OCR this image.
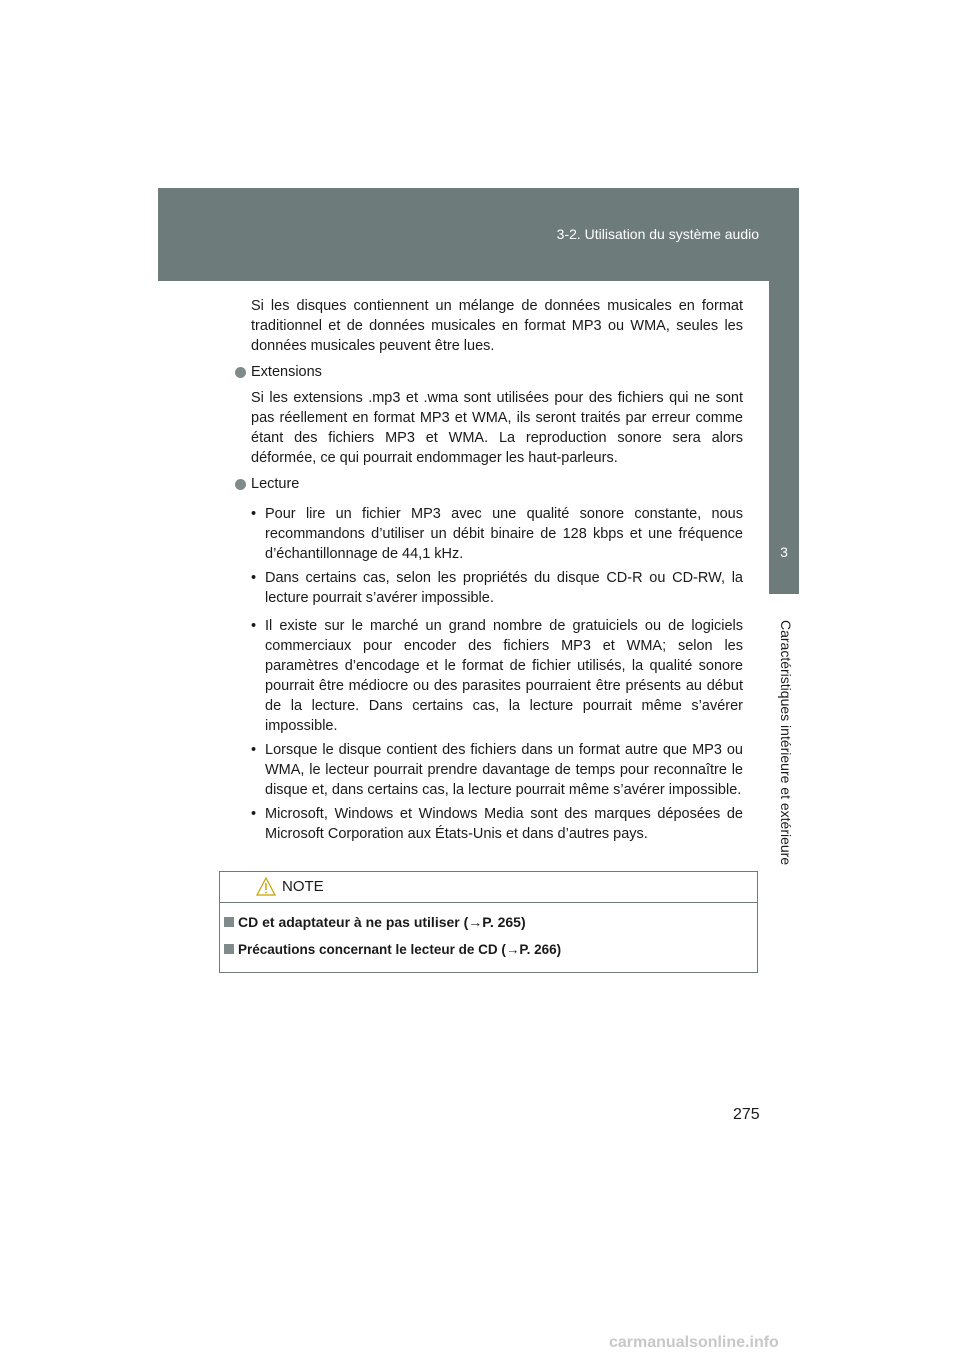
3-2. Utilisation du système audio
3
Caractéristiques intérieure et extérieure

Si les disques contiennent un mélange de données musicales en format traditionnel et de données musicales en format MP3 ou WMA, seules les données musicales peuvent être lues.

Extensions

Si les extensions .mp3 et .wma sont utilisées pour des fichiers qui ne sont pas réellement en format MP3 et WMA, ils seront traités par erreur comme étant des fichiers MP3 et WMA. La reproduction sonore sera alors déformée, ce qui pourrait endommager les haut-parleurs.

Lecture
• Pour lire un fichier MP3 avec une qualité sonore constante, nous recommandons d’utiliser un débit binaire de 128 kbps et une fréquence d’échantillonnage de 44,1 kHz.
• Dans certains cas, selon les propriétés du disque CD-R ou CD-RW, la lecture pourrait s’avérer impossible.
• Il existe sur le marché un grand nombre de gratuiciels ou de logiciels commerciaux pour encoder des fichiers MP3 et WMA; selon les paramètres d’encodage et le format de fichier utilisés, la qualité sonore pourrait être médiocre ou des parasites pourraient être présents au début de la lecture. Dans certains cas, la lecture pourrait même s’avérer impossible.
• Lorsque le disque contient des fichiers dans un format autre que MP3 ou WMA, le lecteur pourrait prendre davantage de temps pour reconnaître le disque et, dans certains cas, la lecture pourrait même s’avérer impossible.
• Microsoft, Windows et Windows Media sont des marques déposées de Microsoft Corporation aux États-Unis et dans d’autres pays.
NOTE
CD et adaptateur à ne pas utiliser (→P. 265)
Précautions concernant le lecteur de CD (→P. 266)
275
carmanualsonline.info
